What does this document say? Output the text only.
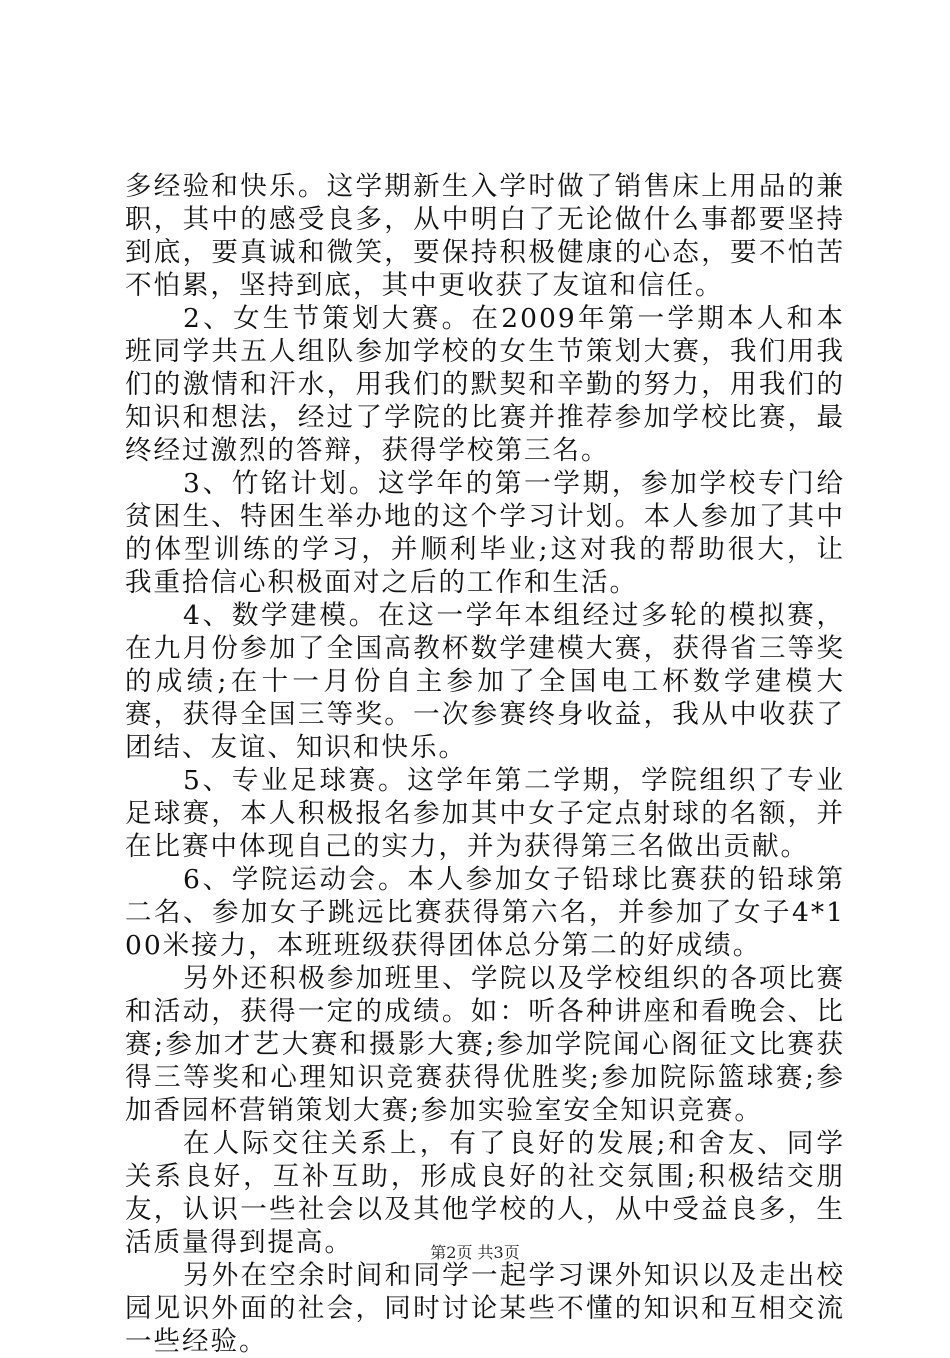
多经验和快乐。这学期新生入学时做了销售床上用品的兼职，其中的感受良多，从中明白了无论做什么事都要坚持到底，要真诚和微笑，要保持积极健康的心态，要不怕苦不怕累，坚持到底，其中更收获了友谊和信任。

2、女生节策划大赛。在2009年第一学期本人和本班同学共五人组队参加学校的女生节策划大赛，我们用我们的激情和汗水，用我们的默契和辛勤的努力，用我们的知识和想法，经过了学院的比赛并推荐参加学校比赛，最终经过激烈的答辩，获得学校第三名。

3、竹铭计划。这学年的第一学期，参加学校专门给贫困生、特困生举办地的这个学习计划。本人参加了其中的体型训练的学习，并顺利毕业;这对我的帮助很大，让我重拾信心积极面对之后的工作和生活。

4、数学建模。在这一学年本组经过多轮的模拟赛，在九月份参加了全国高教杯数学建模大赛，获得省三等奖的成绩;在十一月份自主参加了全国电工杯数学建模大赛，获得全国三等奖。一次参赛终身收益，我从中收获了团结、友谊、知识和快乐。

5、专业足球赛。这学年第二学期，学院组织了专业足球赛，本人积极报名参加其中女子定点射球的名额，并在比赛中体现自己的实力，并为获得第三名做出贡献。

6、学院运动会。本人参加女子铅球比赛获的铅球第二名、参加女子跳远比赛获得第六名，并参加了女子4*100米接力，本班班级获得团体总分第二的好成绩。

另外还积极参加班里、学院以及学校组织的各项比赛和活动，获得一定的成绩。如：听各种讲座和看晚会、比赛;参加才艺大赛和摄影大赛;参加学院闻心阁征文比赛获得三等奖和心理知识竞赛获得优胜奖;参加院际篮球赛;参加香园杯营销策划大赛;参加实验室安全知识竞赛。

在人际交往关系上，有了良好的发展;和舍友、同学关系良好，互补互助，形成良好的社交氛围;积极结交朋友，认识一些社会以及其他学校的人，从中受益良多，生活质量得到提高。

另外在空余时间和同学一起学习课外知识以及走出校园见识外面的社会，同时讨论某些不懂的知识和互相交流一些经验。

第2页 共3页
